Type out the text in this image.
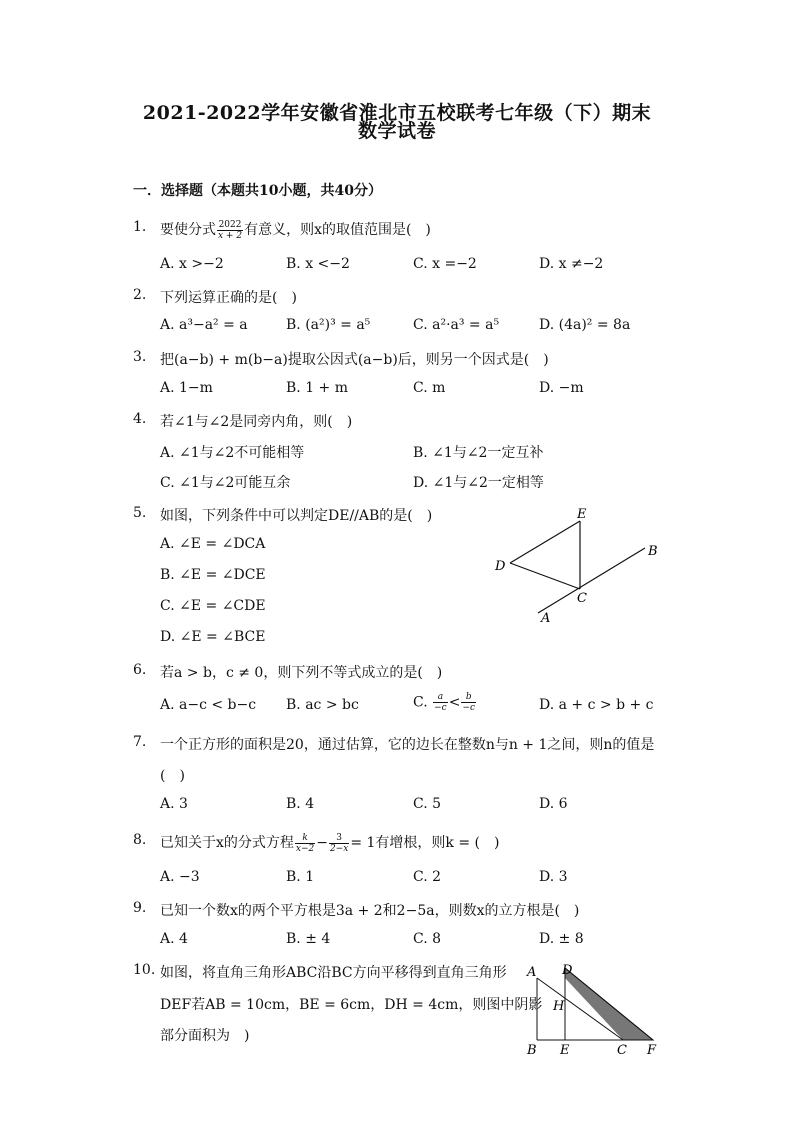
2021-2022学年安徽省淮北市五校联考七年级（下）期末
数学试卷
一．选择题（本题共10小题，共40分）
1. 要使分式 $\frac{2022}{x + 2}$ 有意义，则x的取值范围是(　)
A. x >−2	B. x <−2	C. x =−2	D. x ≠−2
2. 下列运算正确的是(　)
A. a³−a² = a	B. (a²)³ = a⁵	C. a²·a³ = a⁵	D. (4a)² = 8a
3. 把(a−b) + m(b−a)提取公因式(a−b)后，则另一个因式是(　)
A. 1−m	B. 1 + m	C. m	D. −m
4. 若∠1与∠2是同旁内角，则(　)
A. ∠1与∠2不可能相等	B. ∠1与∠2一定互补
C. ∠1与∠2可能互余	D. ∠1与∠2一定相等
5. 如图，下列条件中可以判定DE//AB的是(　)
A. ∠E = ∠DCA
B. ∠E = ∠DCE
C. ∠E = ∠CDE
D. ∠E = ∠BCE
E
D
B
C
A
6. 若a > b，c ≠ 0，则下列不等式成立的是(　)
A. a−c < b−c B. ac > bc	C. $\frac{a}{-c} < \frac{b}{-c}$	D. a + c > b + c
7. 一个正方形的面积是20，通过估算，它的边长在整数n与n + 1之间，则n的值是
(　)
A. 3	B. 4	C. 5	D. 6
8. 已知关于x的分式方程 $\frac{k}{x-2} - \frac{3}{2-x} = 1$有增根，则k = (　)
A. −3	B. 1	C. 2	D. 3
9. 已知一个数x的两个平方根是3a + 2和2−5a，则数x的立方根是(　)
A. 4	B. ± 4	C. 8	D. ± 8
10. 如图，将直角三角形ABC沿BC方向平移得到直角三角形
DEF若AB = 10cm，BE = 6cm，DH = 4cm，则图中阴影
部分面积为　)
A D
H
B E	C F
